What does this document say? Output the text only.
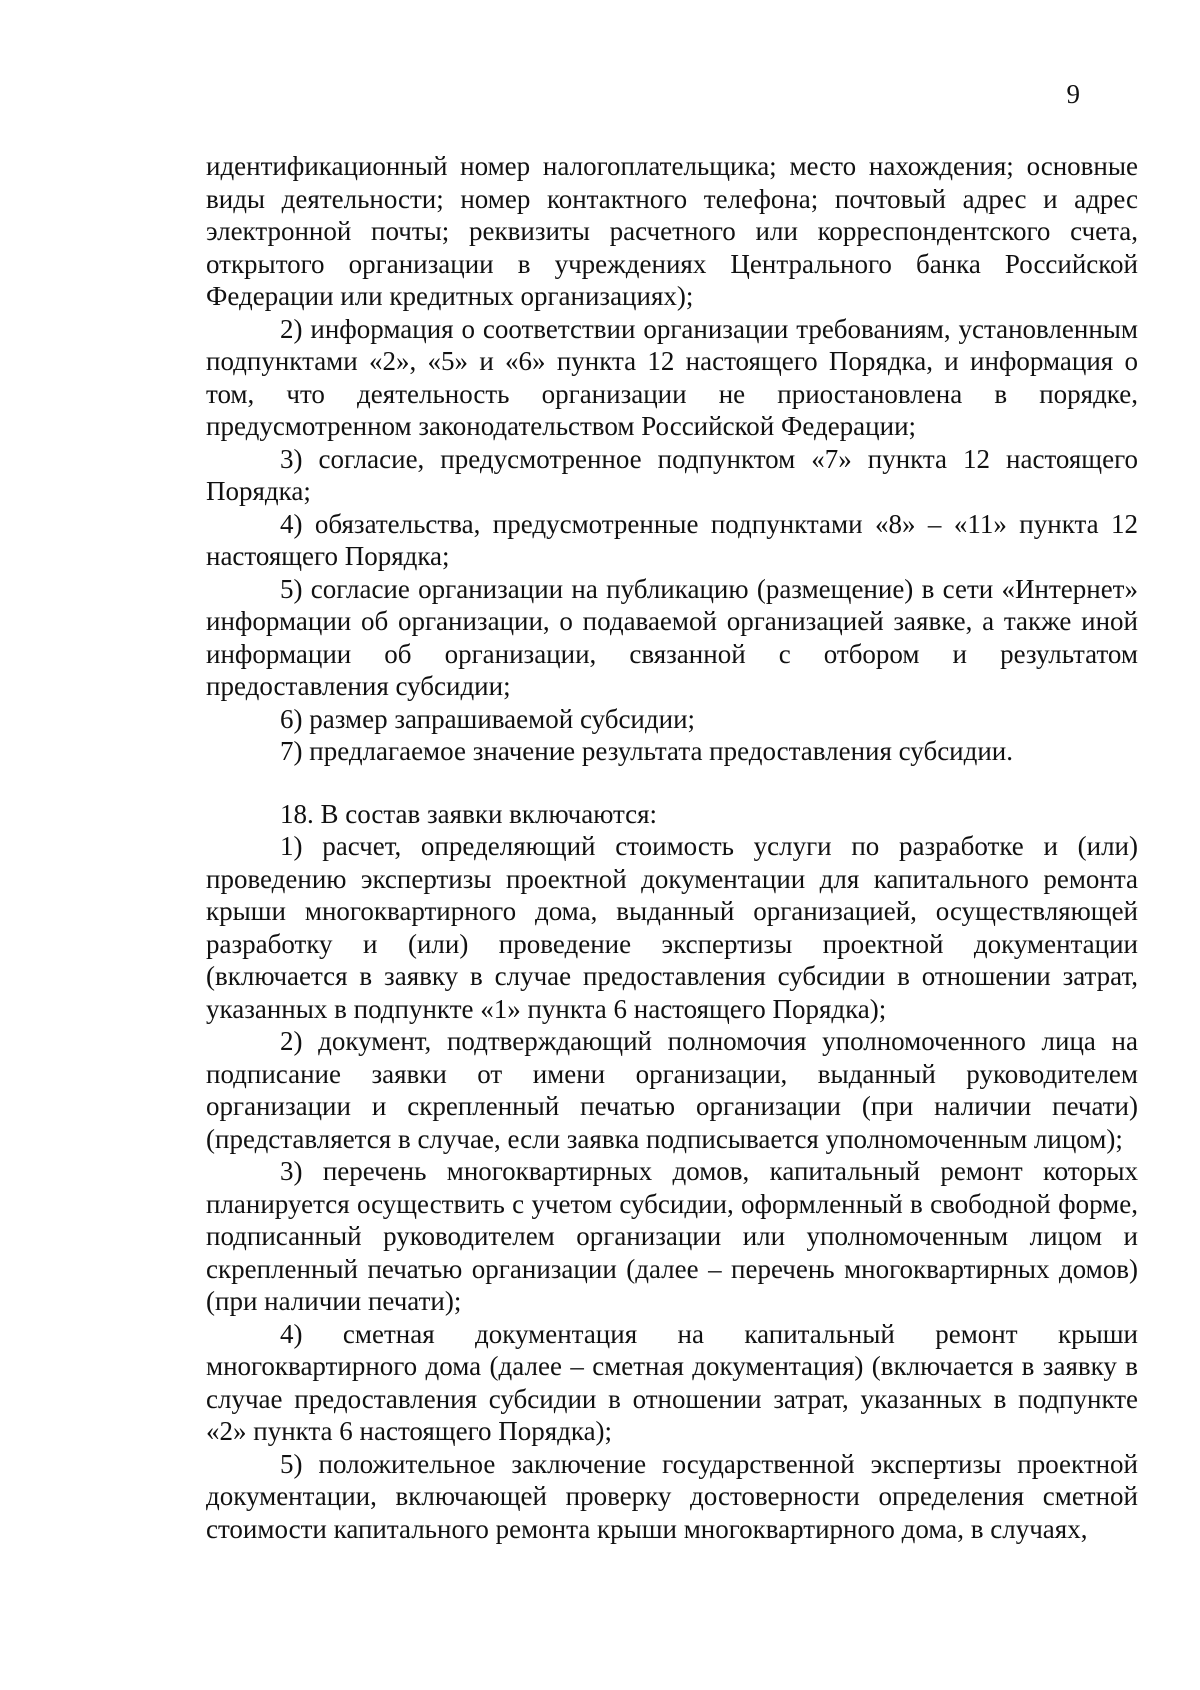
9

идентификационный номер налогоплательщика; место нахождения; основные виды деятельности; номер контактного телефона; почтовый адрес и адрес электронной почты; реквизиты расчетного или корреспондентского счета, открытого организации в учреждениях Центрального банка Российской Федерации или кредитных организациях);

2) информация о соответствии организации требованиям, установленным подпунктами «2», «5» и «6» пункта 12 настоящего Порядка, и информация о том, что деятельность организации не приостановлена в порядке, предусмотренном законодательством Российской Федерации;

3) согласие, предусмотренное подпунктом «7» пункта 12 настоящего Порядка;

4) обязательства, предусмотренные подпунктами «8» – «11» пункта 12 настоящего Порядка;

5) согласие организации на публикацию (размещение) в сети «Интернет» информации об организации, о подаваемой организацией заявке, а также иной информации об организации, связанной с отбором и результатом предоставления субсидии;

6) размер запрашиваемой субсидии;

7) предлагаемое значение результата предоставления субсидии.

18. В состав заявки включаются:

1) расчет, определяющий стоимость услуги по разработке и (или) проведению экспертизы проектной документации для капитального ремонта крыши многоквартирного дома, выданный организацией, осуществляющей разработку и (или) проведение экспертизы проектной документации (включается в заявку в случае предоставления субсидии в отношении затрат, указанных в подпункте «1» пункта 6 настоящего Порядка);

2) документ, подтверждающий полномочия уполномоченного лица на подписание заявки от имени организации, выданный руководителем организации и скрепленный печатью организации (при наличии печати) (представляется в случае, если заявка подписывается уполномоченным лицом);

3) перечень многоквартирных домов, капитальный ремонт которых планируется осуществить с учетом субсидии, оформленный в свободной форме, подписанный руководителем организации или уполномоченным лицом и скрепленный печатью организации (далее – перечень многоквартирных домов) (при наличии печати);

4) сметная документация на капитальный ремонт крыши многоквартирного дома (далее – сметная документация) (включается в заявку в случае предоставления субсидии в отношении затрат, указанных в подпункте «2» пункта 6 настоящего Порядка);

5) положительное заключение государственной экспертизы проектной документации, включающей проверку достоверности определения сметной стоимости капитального ремонта крыши многоквартирного дома, в случаях,
